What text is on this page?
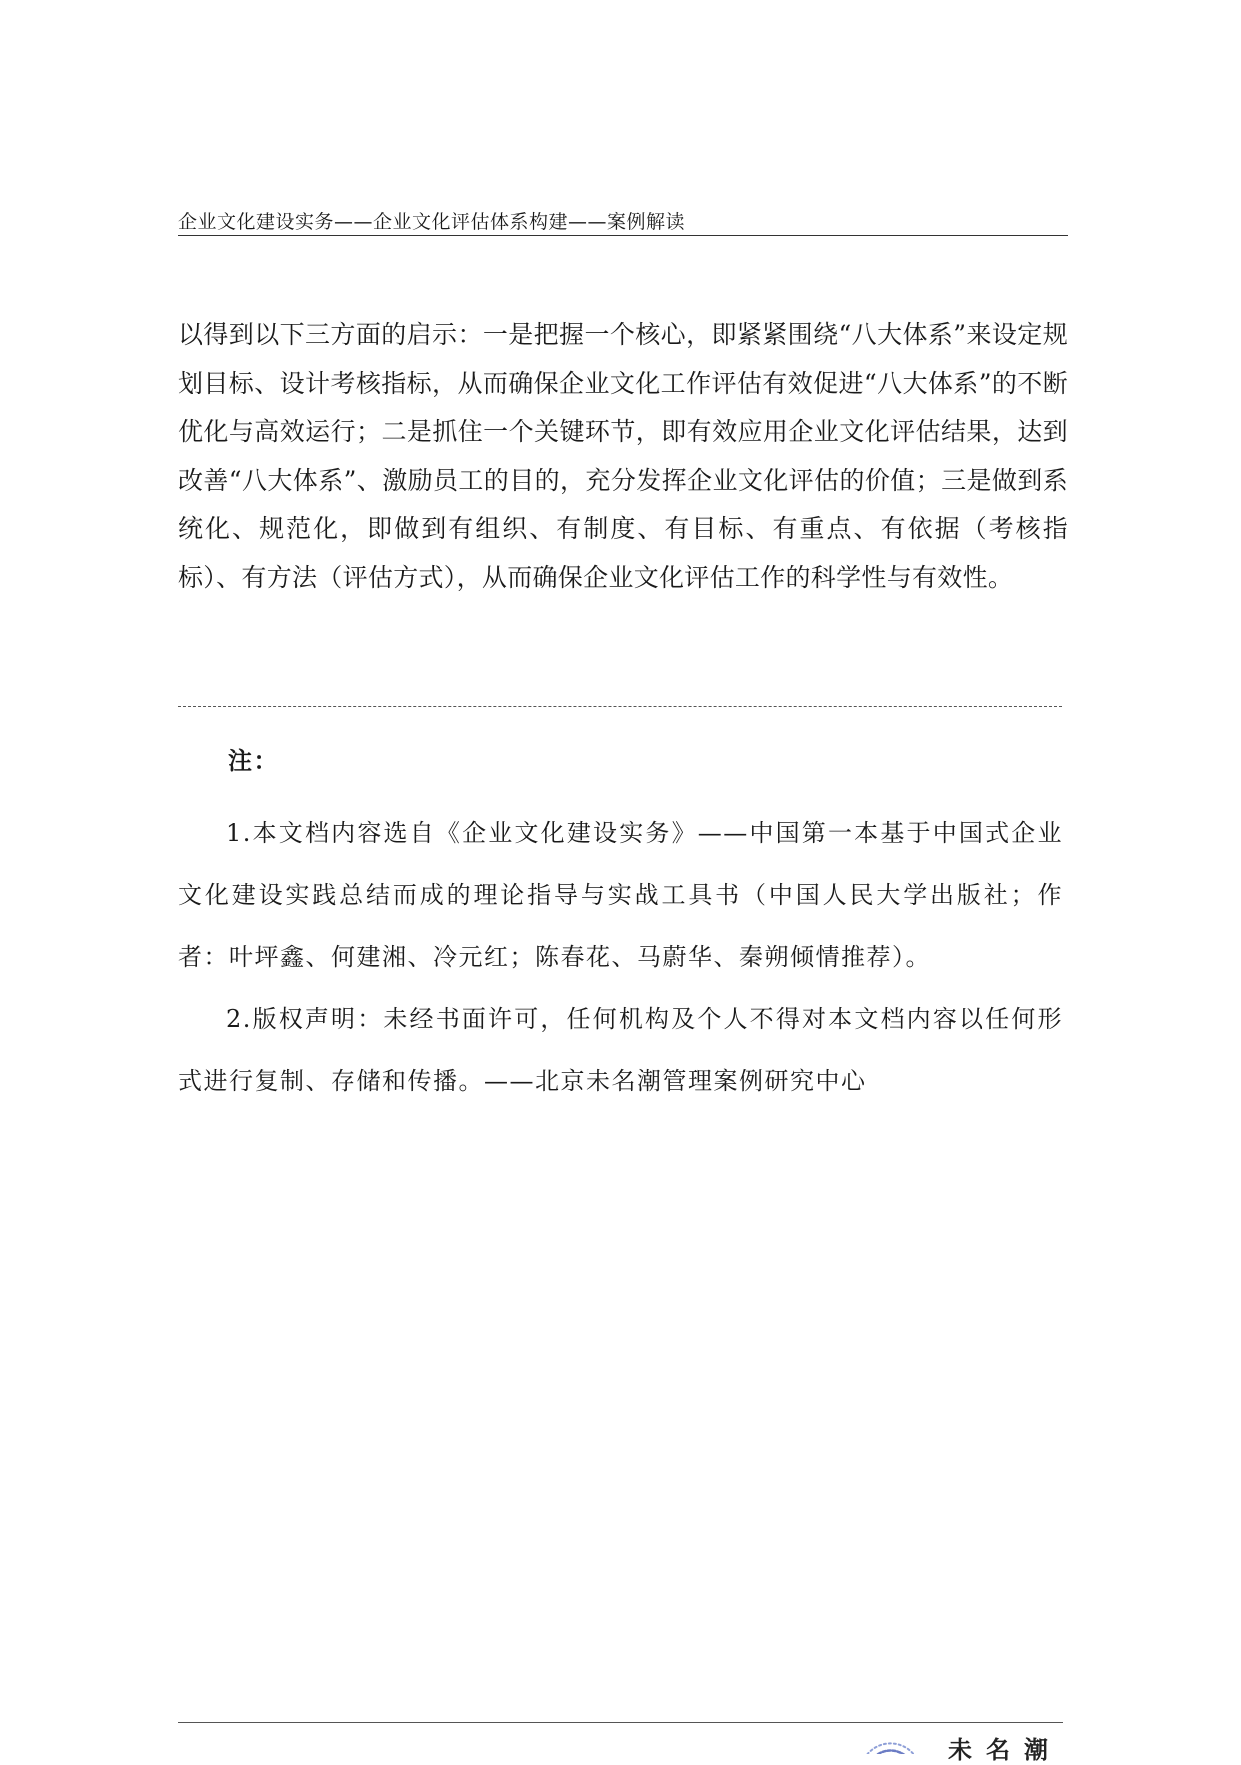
企业文化建设实务——企业文化评估体系构建——案例解读

以得到以下三方面的启示：一是把握一个核心，即紧紧围绕“八大体系”来设定规划目标、设计考核指标，从而确保企业文化工作评估有效促进“八大体系”的不断优化与高效运行；二是抓住一个关键环节，即有效应用企业文化评估结果，达到改善“八大体系”、激励员工的目的，充分发挥企业文化评估的价值；三是做到系统化、规范化，即做到有组织、有制度、有目标、有重点、有依据（考核指标）、有方法（评估方式），从而确保企业文化评估工作的科学性与有效性。

注：

1.本文档内容选自《企业文化建设实务》——中国第一本基于中国式企业文化建设实践总结而成的理论指导与实战工具书（中国人民大学出版社；作者：叶坪鑫、何建湘、冷元红；陈春花、马蔚华、秦朔倾情推荐）。

2.版权声明：未经书面许可，任何机构及个人不得对本文档内容以任何形式进行复制、存储和传播。——北京未名潮管理案例研究中心

未名潮
